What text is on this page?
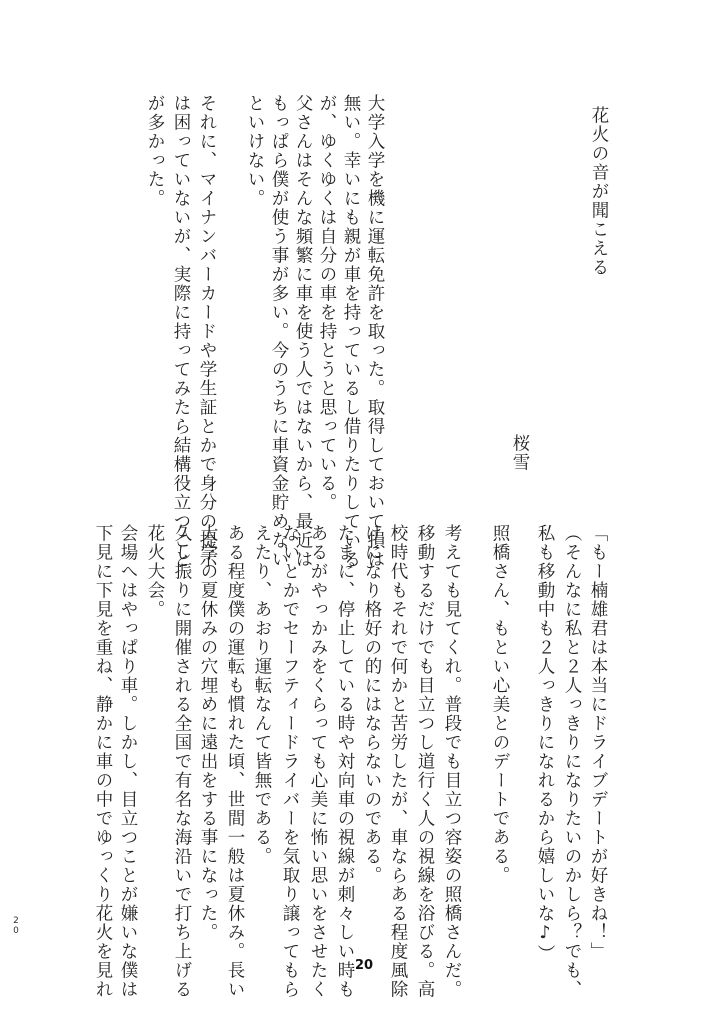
花火の音が聞こえる
桜雪
大学入学を機に運転免許を取った。取得しておいて損は
無い。幸いにも親が車を持っているし借りたりしている
が、ゆくゆくは自分の車を持とうと思っている。
父さんはそんな頻繁に車を使う人ではないから、最近は
もっぱら僕が使う事が多い。今のうちに車資金貯めない
といけない。
それに、マイナンバーカードや学生証とかで身分の提示
は困っていないが、実際に持ってみたら結構役立つこと
が多かった。
「もー楠雄君は本当にドライブデートが好きね！」
（そんなに私と２人っきりになりたいのかしら？でも、
私も移動中も２人っきりになれるから嬉しいな♪）
照橋さん、もとい心美とのデートである。
考えても見てくれ。普段でも目立つ容姿の照橋さんだ。
移動するだけでも目立つし道行く人の視線を浴びる。高
校時代もそれで何かと苦労したが、車ならある程度風除
けになり格好の的にはならないのである。
たまに、停止している時や対向車の視線が刺々しい時も
あるがやっかみをくらっても心美に怖い思いをさせたく
ないとかでセーフティードライバーを気取り譲ってもら
えたり、あおり運転なんて皆無である。
ある程度僕の運転も慣れた頃、世間一般は夏休み。長い
大学の夏休みの穴埋めに遠出をする事になった。
久し振りに開催される全国で有名な海沿いで打ち上げる
花火大会。
会場へはやっぱり車。しかし、目立つことが嫌いな僕は
下見に下見を重ね、静かに車の中でゆっくり花火を見れ
20
20
